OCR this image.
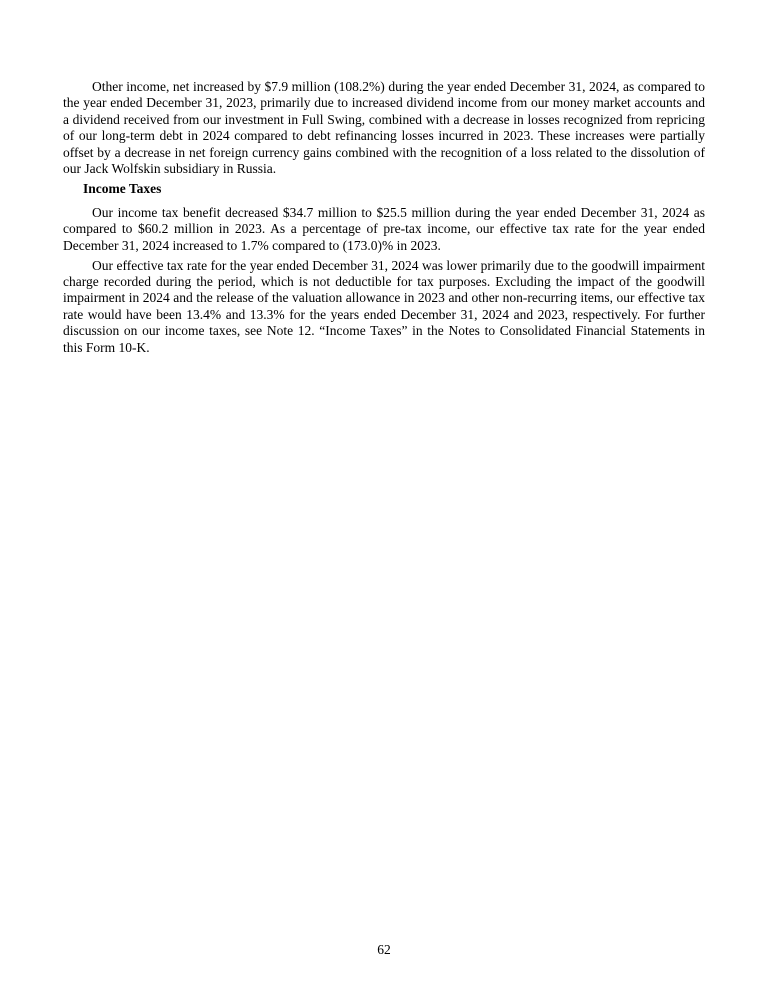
Other income, net increased by $7.9 million (108.2%) during the year ended December 31, 2024, as compared to the year ended December 31, 2023, primarily due to increased dividend income from our money market accounts and a dividend received from our investment in Full Swing, combined with a decrease in losses recognized from repricing of our long-term debt in 2024 compared to debt refinancing losses incurred in 2023. These increases were partially offset by a decrease in net foreign currency gains combined with the recognition of a loss related to the dissolution of our Jack Wolfskin subsidiary in Russia.

Income Taxes

Our income tax benefit decreased $34.7 million to $25.5 million during the year ended December 31, 2024 as compared to $60.2 million in 2023. As a percentage of pre-tax income, our effective tax rate for the year ended December 31, 2024 increased to 1.7% compared to (173.0)% in 2023.

Our effective tax rate for the year ended December 31, 2024 was lower primarily due to the goodwill impairment charge recorded during the period, which is not deductible for tax purposes. Excluding the impact of the goodwill impairment in 2024 and the release of the valuation allowance in 2023 and other non-recurring items, our effective tax rate would have been 13.4% and 13.3% for the years ended December 31, 2024 and 2023, respectively. For further discussion on our income taxes, see Note 12. “Income Taxes” in the Notes to Consolidated Financial Statements in this Form 10-K.

62
